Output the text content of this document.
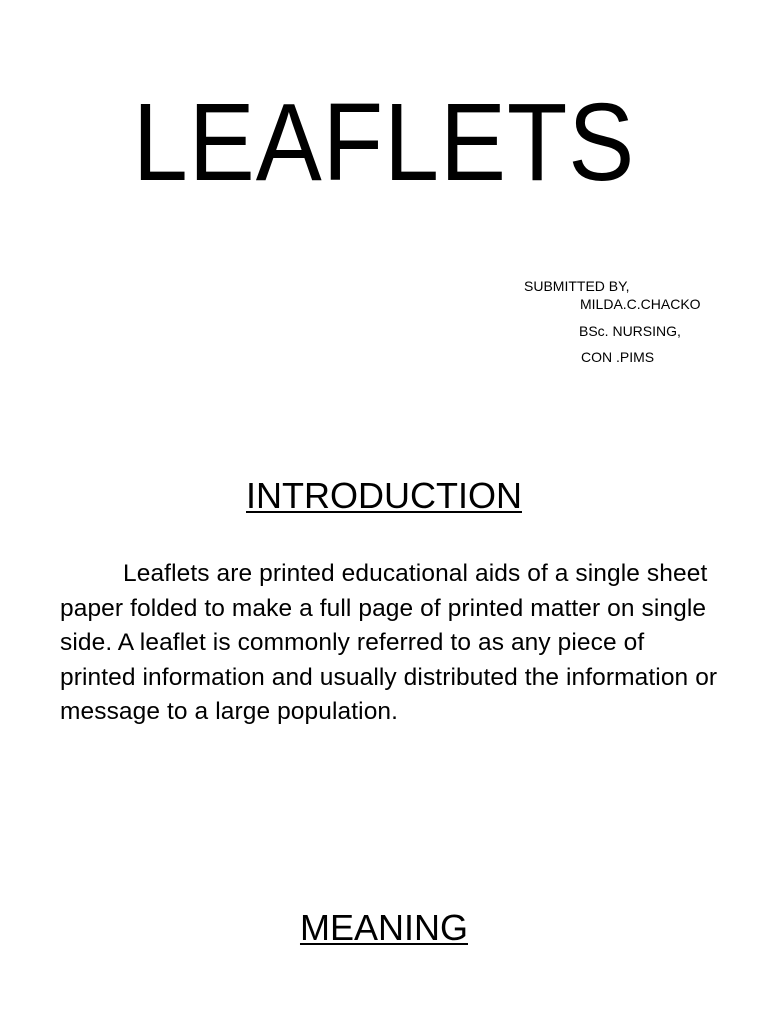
LEAFLETS
SUBMITTED BY,
MILDA.C.CHACKO
BSc. NURSING,
CON .PIMS
INTRODUCTION

Leaflets are printed educational aids of a single sheet paper folded to make a full page of printed matter on single side. A leaflet is commonly referred to as any piece of printed information and usually distributed the information or message to a large population.

MEANING
